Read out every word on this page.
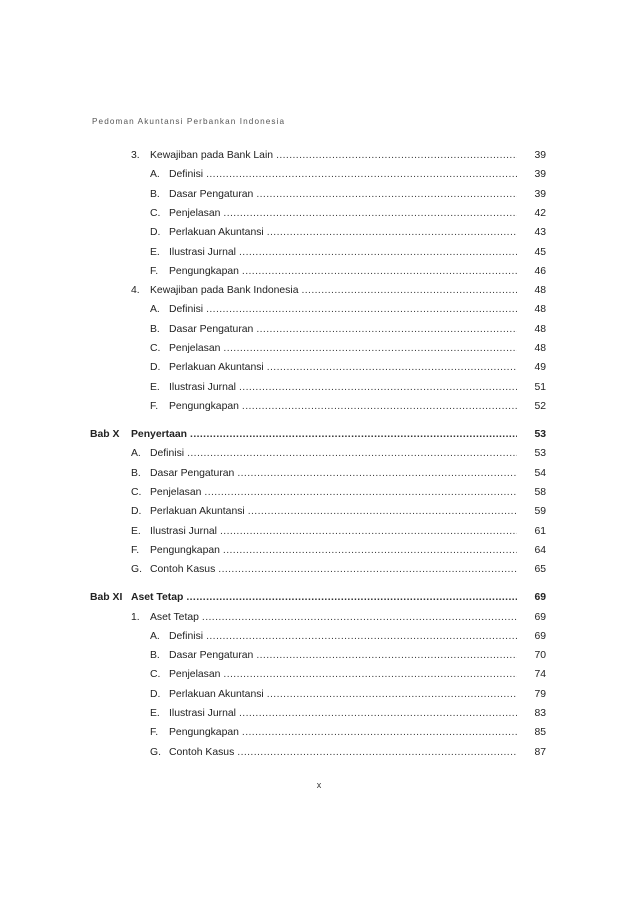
Pedoman Akuntansi Perbankan Indonesia
3. Kewajiban pada Bank Lain .....	39
A. Definisi .....	39
B. Dasar Pengaturan .....	39
C. Penjelasan .....	42
D. Perlakuan Akuntansi .....	43
E. Ilustrasi Jurnal .....	45
F.	Pengungkapan .....	46
4. Kewajiban pada Bank Indonesia .....	48
A. Definisi .....	48
B. Dasar Pengaturan .....	48
C. Penjelasan .....	48
D. Perlakuan Akuntansi .....	49
E. Ilustrasi Jurnal .....	51
F.	Pengungkapan .....	52
Bab X Penyertaan .....	53
A. Definisi .....	53
B. Dasar Pengaturan .....	54
C. Penjelasan .....	58
D. Perlakuan Akuntansi .....	59
E. Ilustrasi Jurnal .....	61
F.	Pengungkapan .....	64
G. Contoh Kasus .....	65
Bab XI Aset Tetap .....	69
1. Aset Tetap .....	69
A. Definisi .....	69
B. Dasar Pengaturan .....	70
C. Penjelasan .....	74
D. Perlakuan Akuntansi .....	79
E. Ilustrasi Jurnal .....	83
F.	Pengungkapan .....	85
G. Contoh Kasus .....	87
x
